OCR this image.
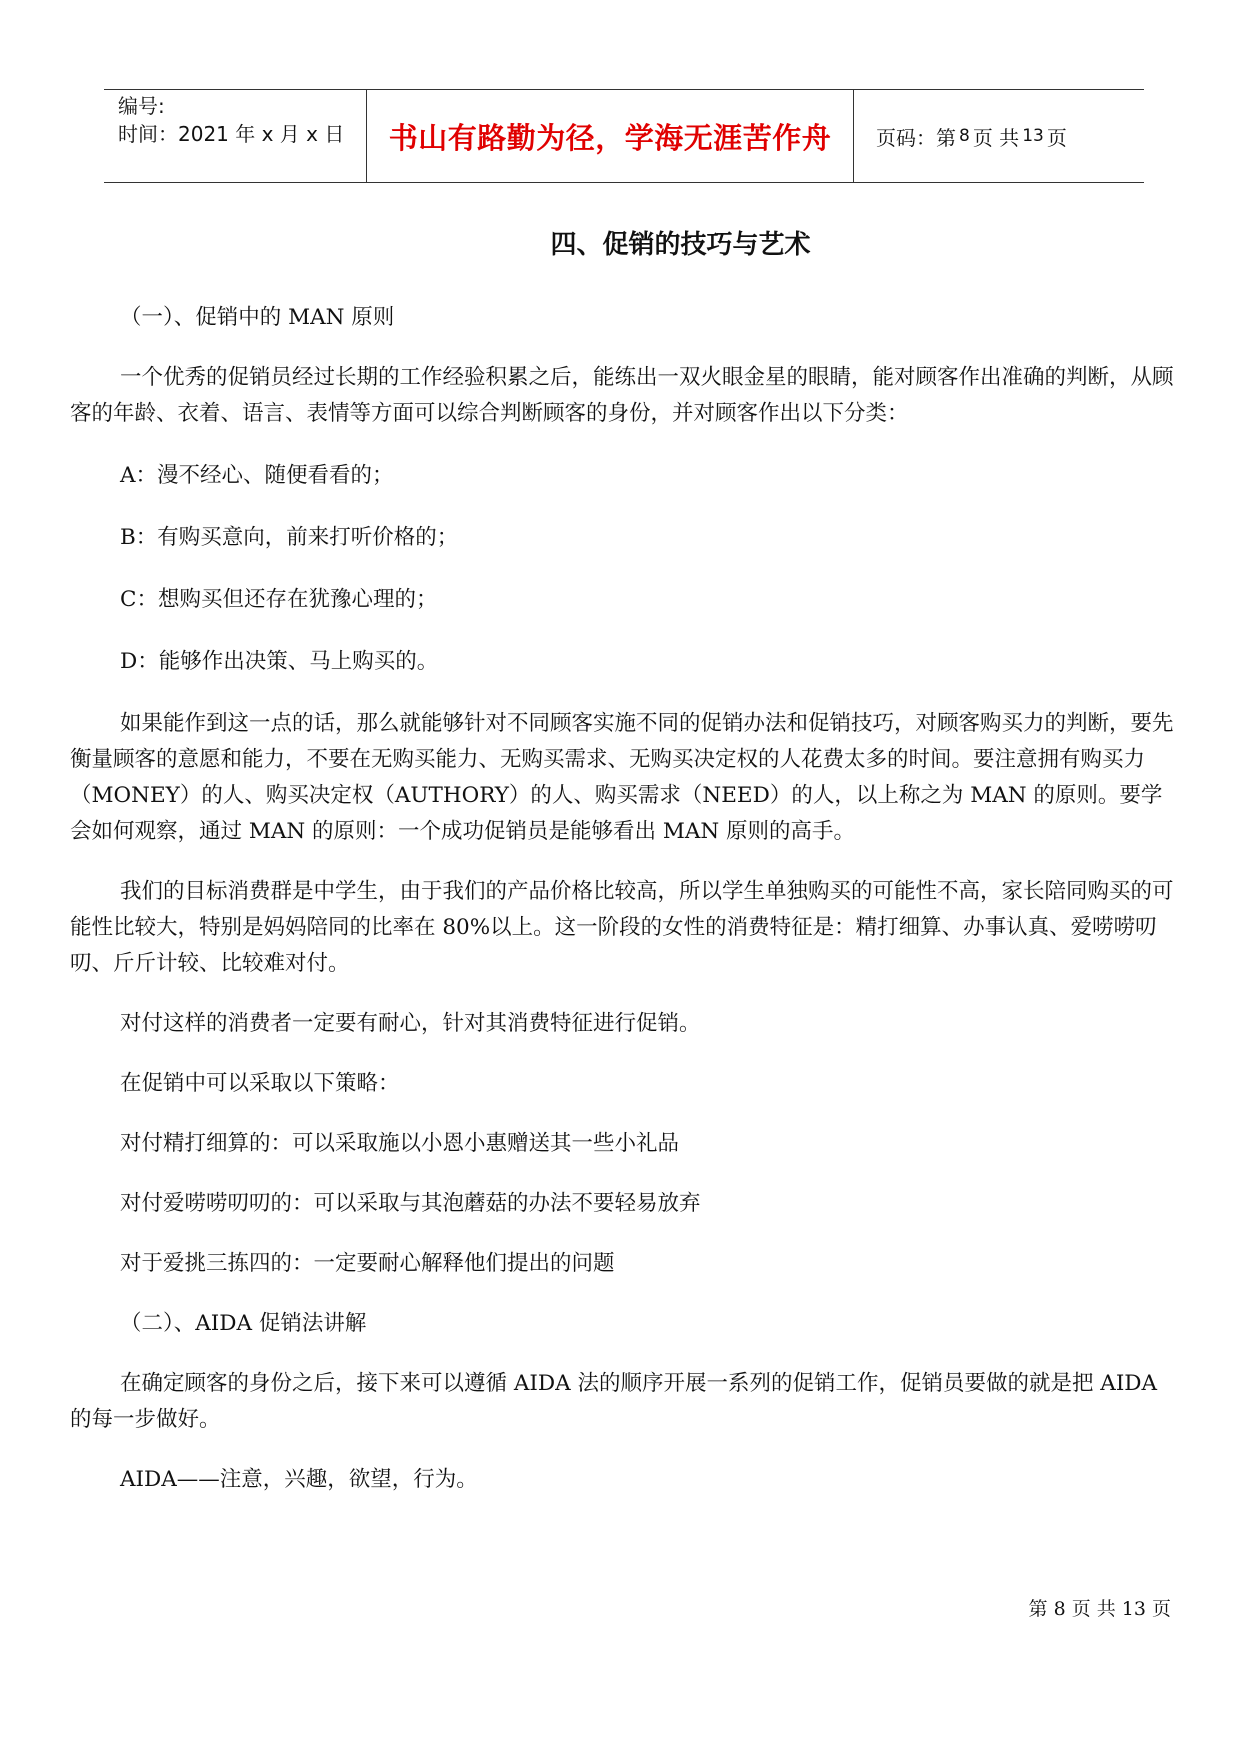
编号:
时间：2021 年 x 月 x 日	书山有路勤为径，学海无涯苦作舟 页码：第 8 页 共 13 页
四、促销的技巧与艺术

（一）、促销中的 MAN 原则

一个优秀的促销员经过长期的工作经验积累之后，能练出一双火眼金星的眼睛，能对顾客作出准确的判断，从顾客的年龄、衣着、语言、表情等方面可以综合判断顾客的身份，并对顾客作出以下分类：

A：漫不经心、随便看看的；

B：有购买意向，前来打听价格的；

C：想购买但还存在犹豫心理的；

D：能够作出决策、马上购买的。

如果能作到这一点的话，那么就能够针对不同顾客实施不同的促销办法和促销技巧，对顾客购买力的判断，要先衡量顾客的意愿和能力，不要在无购买能力、无购买需求、无购买决定权的人花费太多的时间。要注意拥有购买力（MONEY）的人、购买决定权（AUTHORY）的人、购买需求（NEED）的人，以上称之为 MAN 的原则。要学会如何观察，通过 MAN 的原则：一个成功促销员是能够看出 MAN 原则的高手。

我们的目标消费群是中学生，由于我们的产品价格比较高，所以学生单独购买的可能性不高，家长陪同购买的可能性比较大，特别是妈妈陪同的比率在 80%以上。这一阶段的女性的消费特征是：精打细算、办事认真、爱唠唠叨叨、斤斤计较、比较难对付。

对付这样的消费者一定要有耐心，针对其消费特征进行促销。

在促销中可以采取以下策略：

对付精打细算的：可以采取施以小恩小惠赠送其一些小礼品

对付爱唠唠叨叨的：可以采取与其泡蘑菇的办法不要轻易放弃

对于爱挑三拣四的：一定要耐心解释他们提出的问题

（二）、AIDA 促销法讲解

在确定顾客的身份之后，接下来可以遵循 AIDA 法的顺序开展一系列的促销工作，促销员要做的就是把 AIDA 的每一步做好。

AIDA——注意，兴趣，欲望，行为。

第 8 页 共 13 页
